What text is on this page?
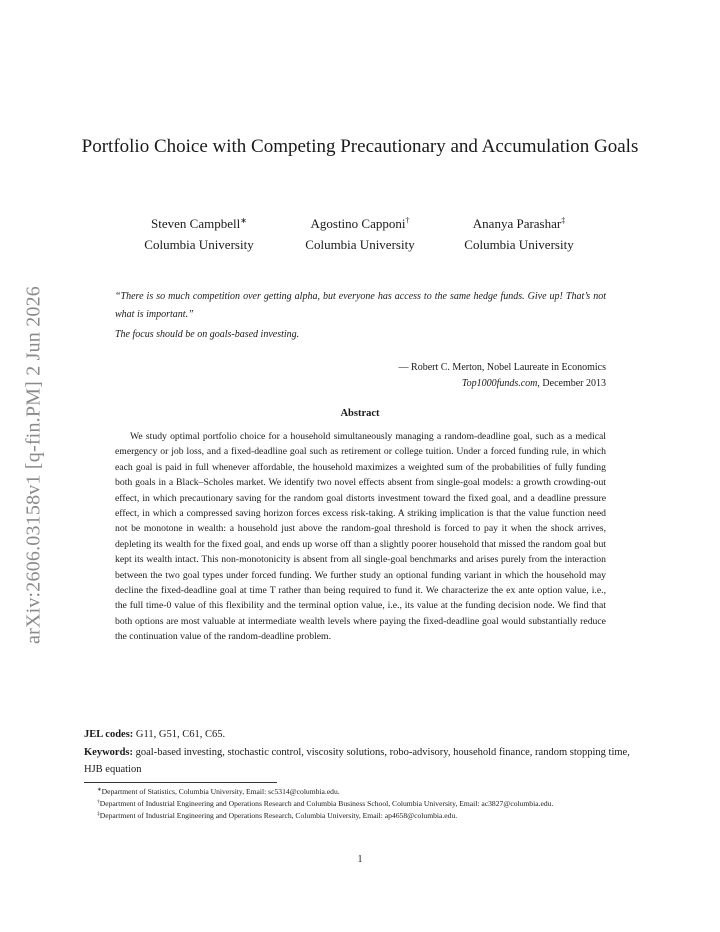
arXiv:2606.03158v1 [q-fin.PM] 2 Jun 2026
Portfolio Choice with Competing Precautionary and Accumulation Goals
Steven Campbell∗
Columbia University
Agostino Capponi†
Columbia University
Ananya Parashar‡
Columbia University

“There is so much competition over getting alpha, but everyone has access to the same hedge funds. Give up! That’s not what is important.”

The focus should be on goals-based investing.

— Robert C. Merton, Nobel Laureate in Economics
Top1000funds.com, December 2013
Abstract
We study optimal portfolio choice for a household simultaneously managing a random-deadline goal, such as a medical emergency or job loss, and a fixed-deadline goal such as retirement or college tuition. Under a forced funding rule, in which each goal is paid in full whenever affordable, the household maximizes a weighted sum of the probabilities of fully funding both goals in a Black–Scholes market. We identify two novel effects absent from single-goal models: a growth crowding-out effect, in which precautionary saving for the random goal distorts investment toward the fixed goal, and a deadline pressure effect, in which a compressed saving horizon forces excess risk-taking. A striking implication is that the value function need not be monotone in wealth: a household just above the random-goal threshold is forced to pay it when the shock arrives, depleting its wealth for the fixed goal, and ends up worse off than a slightly poorer household that missed the random goal but kept its wealth intact. This non-monotonicity is absent from all single-goal benchmarks and arises purely from the interaction between the two goal types under forced funding. We further study an optional funding variant in which the household may decline the fixed-deadline goal at time T rather than being required to fund it. We characterize the ex ante option value, i.e., the full time-0 value of this flexibility and the terminal option value, i.e., its value at the funding decision node. We find that both options are most valuable at intermediate wealth levels where paying the fixed-deadline goal would substantially reduce the continuation value of the random-deadline problem.
JEL codes: G11, G51, C61, C65.
Keywords: goal-based investing, stochastic control, viscosity solutions, robo-advisory, household finance, random stopping time, HJB equation

∗Department of Statistics, Columbia University, Email: sc5314@columbia.edu.

†Department of Industrial Engineering and Operations Research and Columbia Business School, Columbia University, Email: ac3827@columbia.edu.

‡Department of Industrial Engineering and Operations Research, Columbia University, Email: ap4658@columbia.edu.

1
